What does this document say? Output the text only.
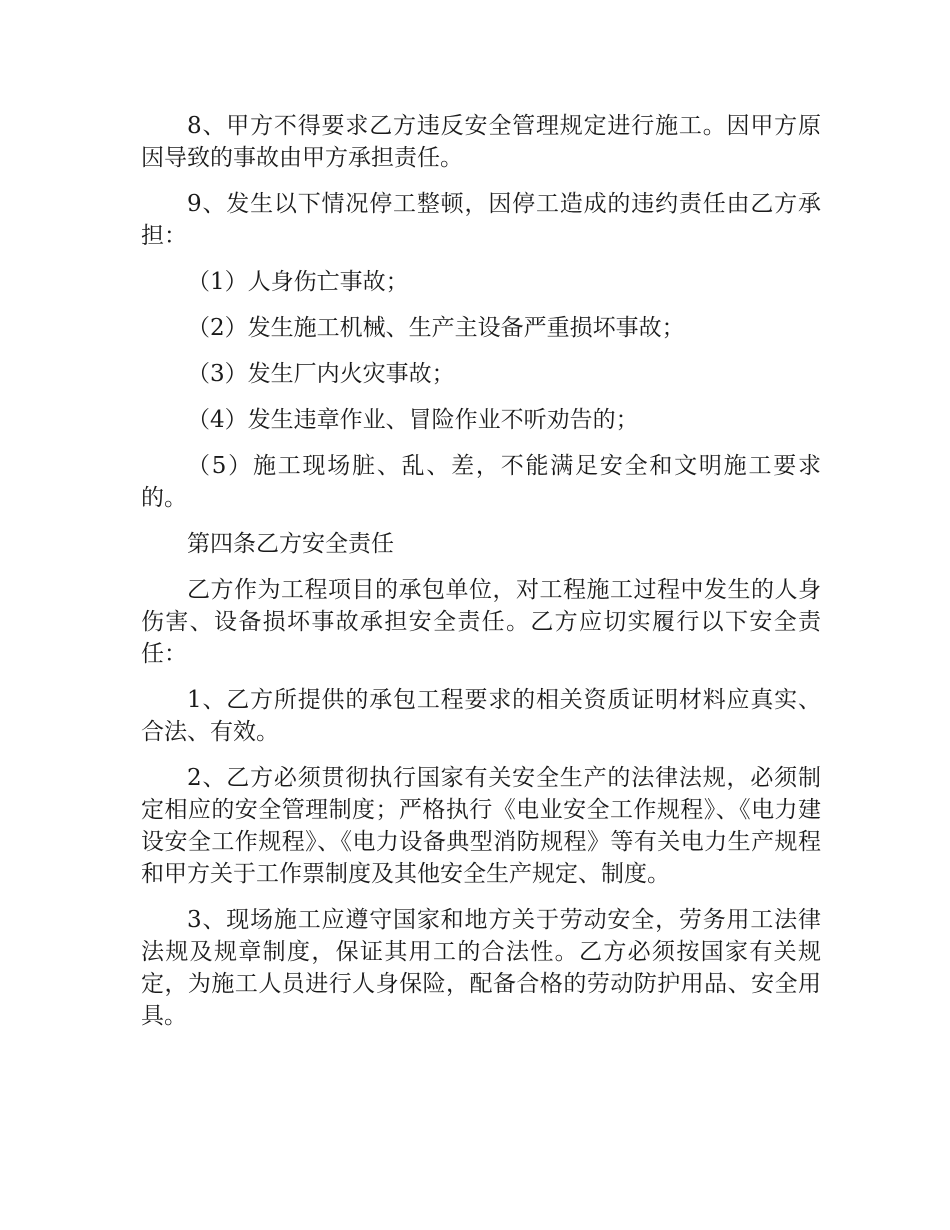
8、甲方不得要求乙方违反安全管理规定进行施工。因甲方原因导致的事故由甲方承担责任。

9、发生以下情况停工整顿，因停工造成的违约责任由乙方承担：

（1）人身伤亡事故；

（2）发生施工机械、生产主设备严重损坏事故；

（3）发生厂内火灾事故；

（4）发生违章作业、冒险作业不听劝告的；

（5）施工现场脏、乱、差，不能满足安全和文明施工要求的。

第四条乙方安全责任

乙方作为工程项目的承包单位，对工程施工过程中发生的人身伤害、设备损坏事故承担安全责任。乙方应切实履行以下安全责任：

1、乙方所提供的承包工程要求的相关资质证明材料应真实、合法、有效。

2、乙方必须贯彻执行国家有关安全生产的法律法规，必须制定相应的安全管理制度；严格执行《电业安全工作规程》、《电力建设安全工作规程》、《电力设备典型消防规程》等有关电力生产规程和甲方关于工作票制度及其他安全生产规定、制度。

3、现场施工应遵守国家和地方关于劳动安全，劳务用工法律法规及规章制度，保证其用工的合法性。乙方必须按国家有关规定，为施工人员进行人身保险，配备合格的劳动防护用品、安全用具。
